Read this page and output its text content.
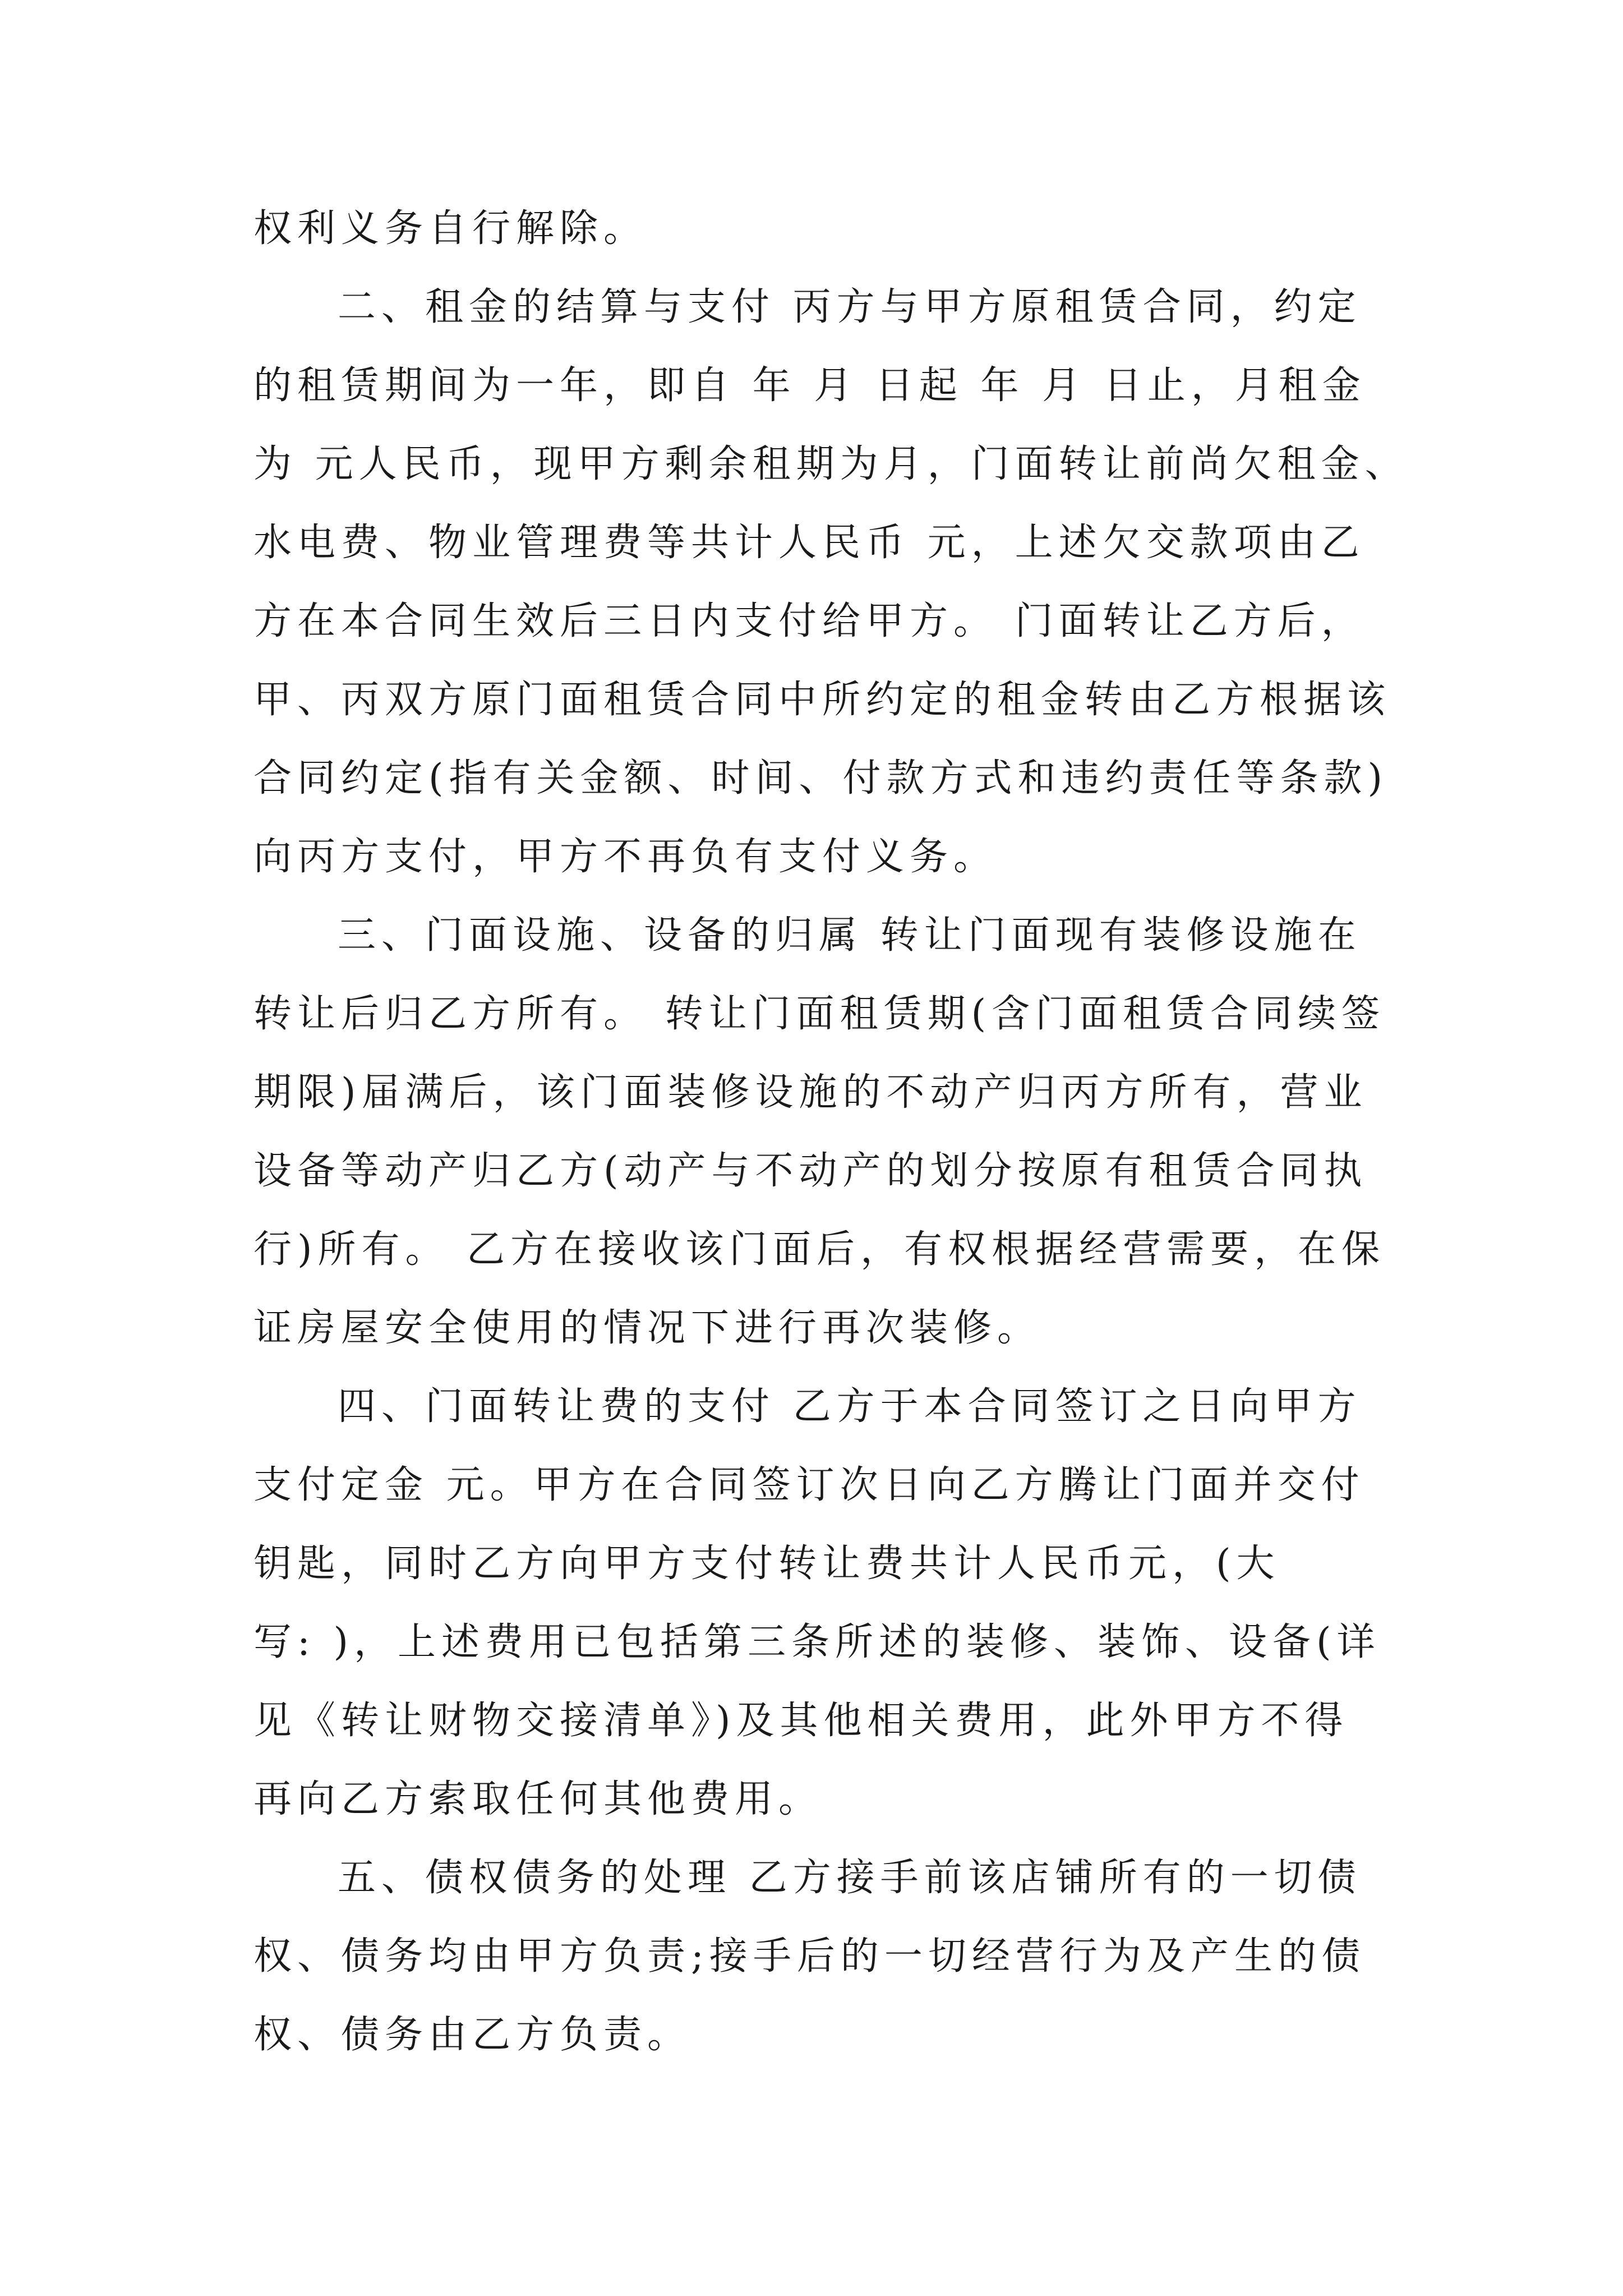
权利义务自行解除。

二、租金的结算与支付 丙方与甲方原租赁合同，约定

的租赁期间为一年，即自 年 月 日起 年 月 日止，月租金

为 元人民币，现甲方剩余租期为月，门面转让前尚欠租金、

水电费、物业管理费等共计人民币 元，上述欠交款项由乙

方在本合同生效后三日内支付给甲方。 门面转让乙方后，

甲、丙双方原门面租赁合同中所约定的租金转由乙方根据该

合同约定(指有关金额、时间、付款方式和违约责任等条款)

向丙方支付，甲方不再负有支付义务。

三、门面设施、设备的归属 转让门面现有装修设施在

转让后归乙方所有。 转让门面租赁期(含门面租赁合同续签

期限)届满后，该门面装修设施的不动产归丙方所有，营业

设备等动产归乙方(动产与不动产的划分按原有租赁合同执

行)所有。 乙方在接收该门面后，有权根据经营需要，在保

证房屋安全使用的情况下进行再次装修。

四、门面转让费的支付 乙方于本合同签订之日向甲方

支付定金 元。甲方在合同签订次日向乙方腾让门面并交付

钥匙，同时乙方向甲方支付转让费共计人民币元，(大

写: )，上述费用已包括第三条所述的装修、装饰、设备(详

见《转让财物交接清单》)及其他相关费用，此外甲方不得

再向乙方索取任何其他费用。

五、债权债务的处理 乙方接手前该店铺所有的一切债

权、债务均由甲方负责;接手后的一切经营行为及产生的债

权、债务由乙方负责。
